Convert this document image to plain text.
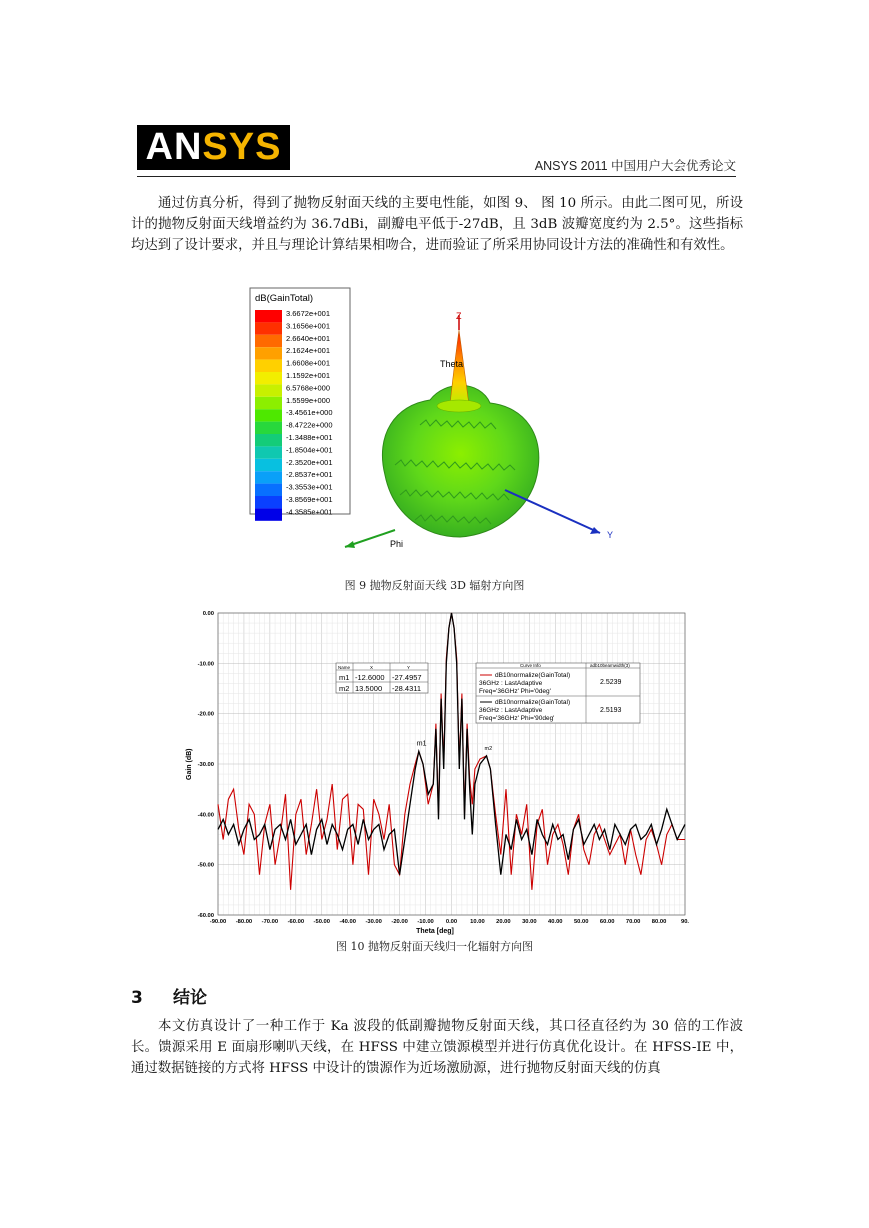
AN SYS	ANSYS 2011 中国用户大会优秀论文

通过仿真分析，得到了抛物反射面天线的主要电性能，如图 9、 图 10 所示。由此二图可见，所设计的抛物反射面天线增益约为 36.7dBi，副瓣电平低于-27dB，且 3dB 波瓣宽度约为 2.5°。这些指标均达到了设计要求，并且与理论计算结果相吻合，进而验证了所采用协同设计方法的准确性和有效性。

dB(GainTotal)
3.6672e+001
3.1656e+001
2.6640e+001
2.1624e+001
1.6608e+001
1.1592e+001
6.5768e+000
1.5599e+000
-3.4561e+000
-8.4722e+000
-1.3488e+001
-1.8504e+001
-2.3520e+001
-2.8537e+001
-3.3553e+001
-3.8569e+001
-4.3585e+001
Z
Y
Phi
Theta
图 9 抛物反射面天线 3D 辐射方向图
-90.00 -80.00 -70.00 -60.00 -50.00 -40.00 -30.00 -20.00 -10.00 0.00 10.00 20.00 30.00 40.00 50.00 60.00 70.00 80.00	90.
0.00
-10.00
-20.00
-30.00
-40.00
-50.00
-60.00
m1
m2
Gain (dB)
Theta [deg]
Name	X	Y
m1 -12.6000 -27.4957
m2 13.5000 -28.4311
Curve Info	adb10beamwidth(3)
dB10normalize(GainTotal)
36GHz : LastAdaptive
Freq='36GHz' Phi='0deg'
2.5239
dB10normalize(GainTotal)
36GHz : LastAdaptive
Freq='36GHz' Phi='90deg'
2.5193
图 10 抛物反射面天线归一化辐射方向图
3 结论

本文仿真设计了一种工作于 Ka 波段的低副瓣抛物反射面天线，其口径直径约为 30 倍的工作波长。馈源采用 E 面扇形喇叭天线，在 HFSS 中建立馈源模型并进行仿真优化设计。在 HFSS-IE 中，通过数据链接的方式将 HFSS 中设计的馈源作为近场激励源，进行抛物反射面天线的仿真
